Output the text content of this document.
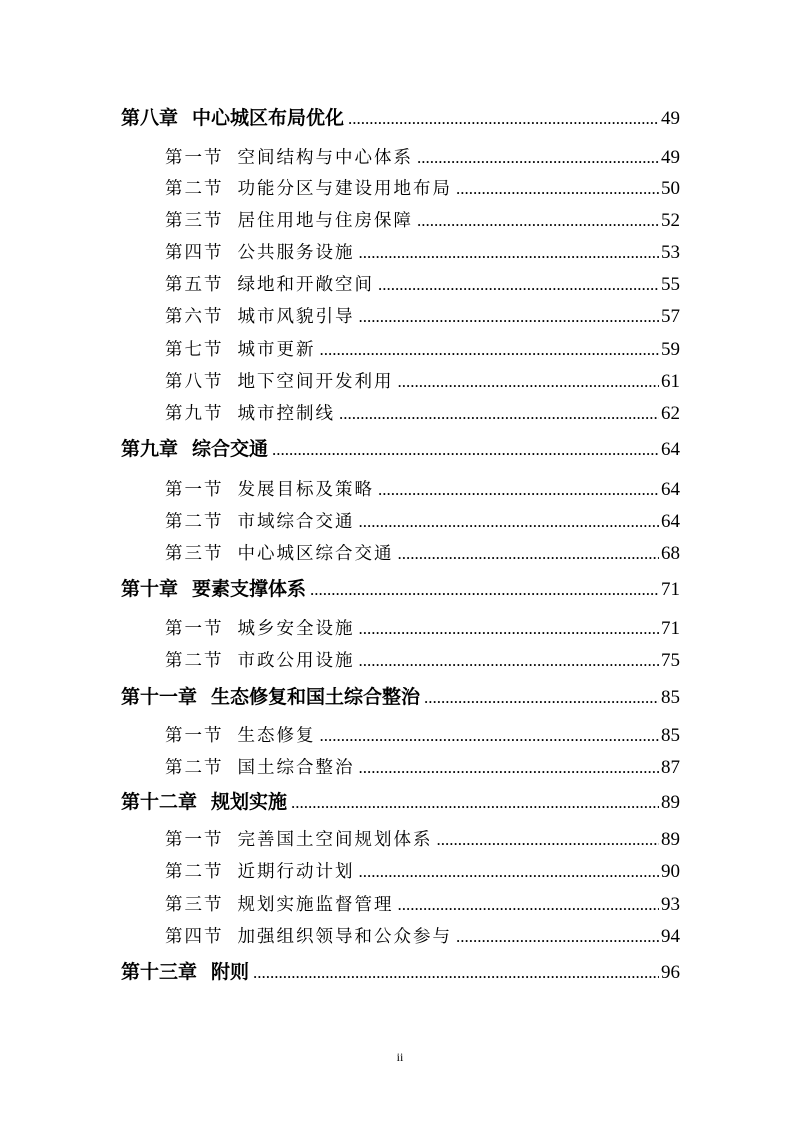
第八章 中心城区布局优化 .....	49
第一节 空间结构与中心体系 .....	49
第二节 功能分区与建设用地布局 .....	50
第三节 居住用地与住房保障 .....	52
第四节 公共服务设施 .....	53
第五节 绿地和开敞空间 .....	55
第六节 城市风貌引导 .....	57
第七节 城市更新 .....	59
第八节 地下空间开发利用 .....	61
第九节 城市控制线 .....	62
第九章 综合交通 .....	64
第一节 发展目标及策略 .....	64
第二节 市域综合交通 .....	64
第三节 中心城区综合交通 .....	68
第十章 要素支撑体系 .....	71
第一节 城乡安全设施 .....	71
第二节 市政公用设施 .....	75
第十一章 生态修复和国土综合整治 .....	85
第一节 生态修复 .....	85
第二节 国土综合整治 .....	87
第十二章 规划实施 .....	89
第一节 完善国土空间规划体系 .....	89
第二节 近期行动计划 .....	90
第三节 规划实施监督管理 .....	93
第四节 加强组织领导和公众参与 .....	94
第十三章 附则 .....	96
ii
